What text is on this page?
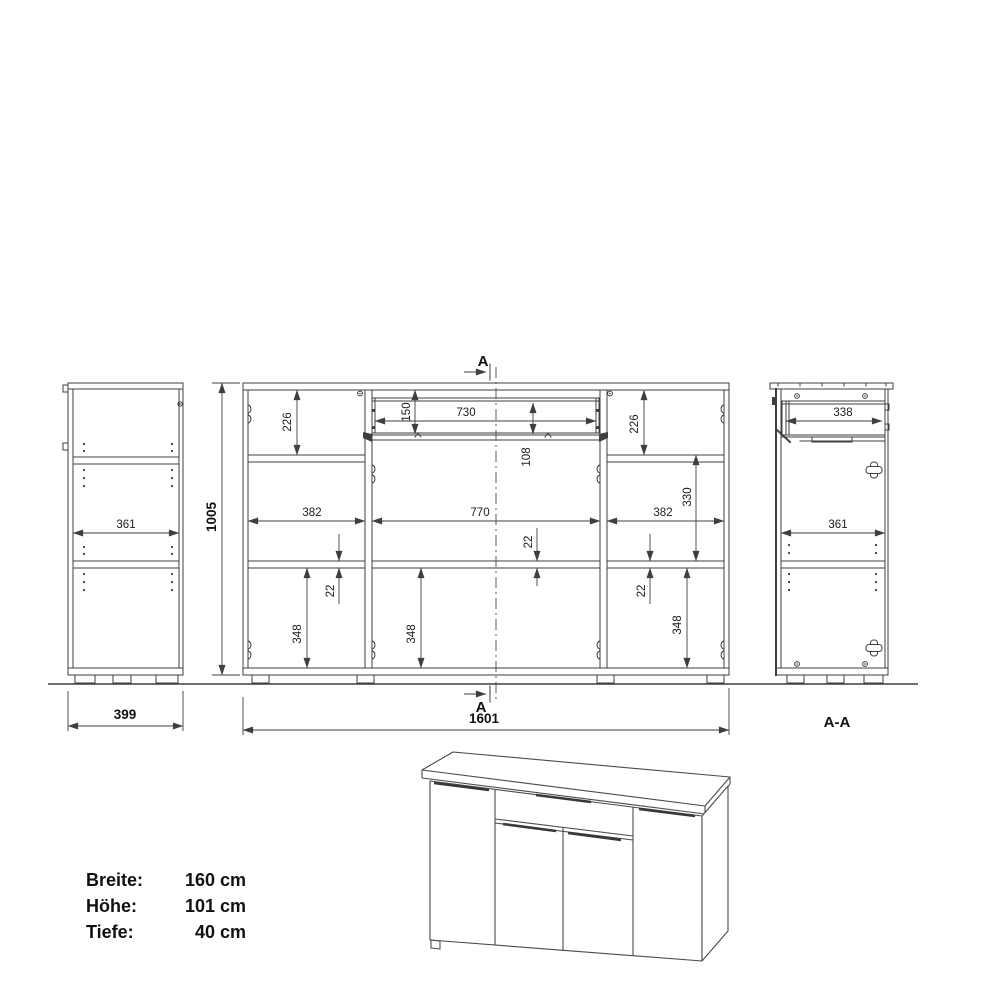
361
399
1005
226
150	730
108
226
382	770	382
330
22
22
22
348	348	348
1601
A
A
338
361
A-A
Breite:	160 cm
Höhe:	101 cm
Tiefe:	40 cm
